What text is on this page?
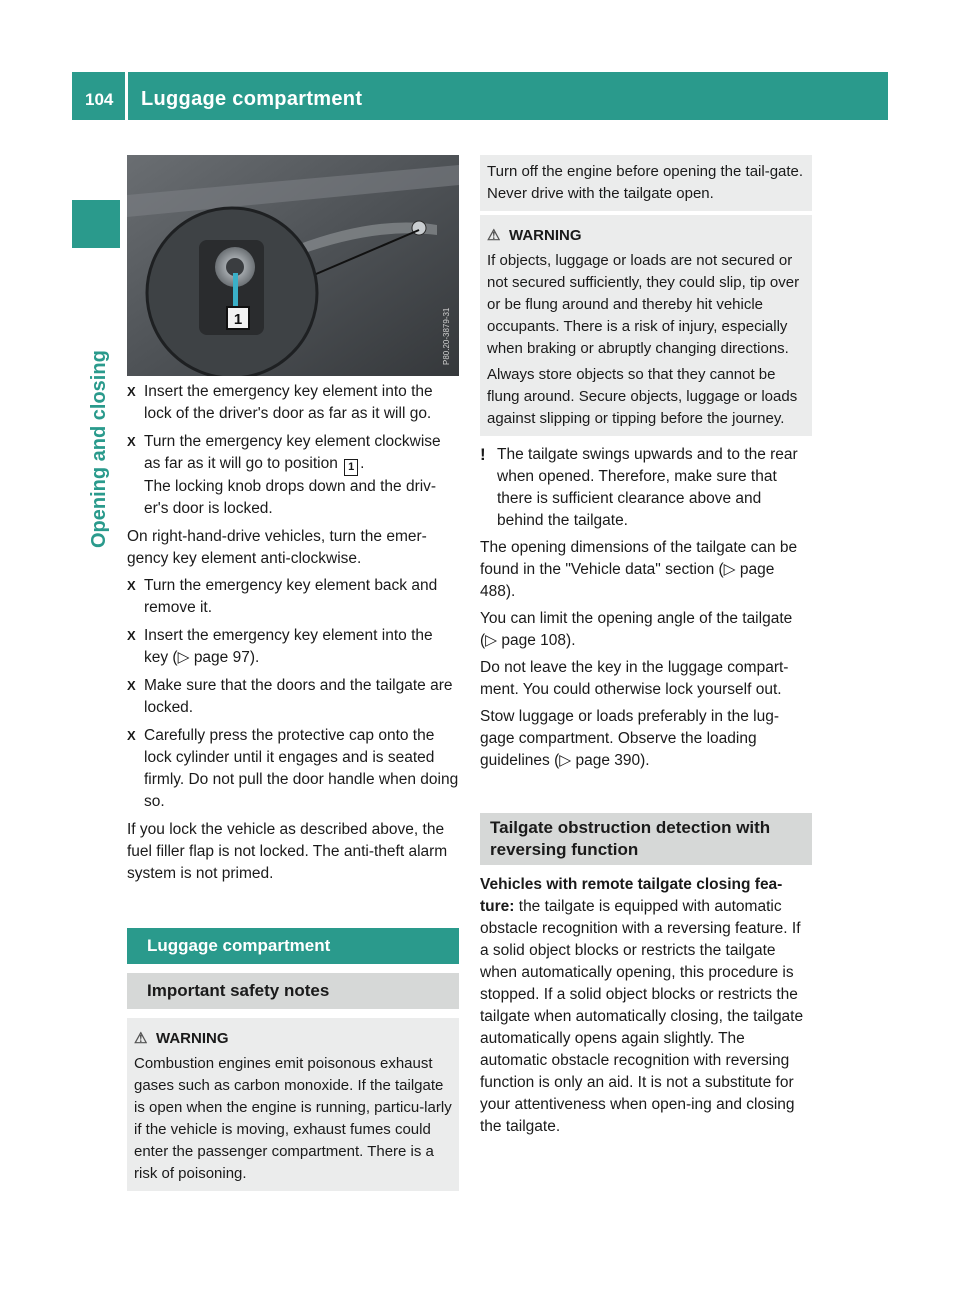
104 Luggage compartment
Opening and closing
1	P80.20-3879-31
X Insert the emergency key element into the lock of the driver's door as far as it will go.
X Turn the emergency key element clockwise as far as it will go to position 1 .
The locking knob drops down and the driv-er's door is locked.

On right-hand-drive vehicles, turn the emer-gency key element anti-clockwise.

X Turn the emergency key element back and remove it.
X Insert the emergency key element into the key (▷ page 97).
X Make sure that the doors and the tailgate are locked.
X Carefully press the protective cap onto the lock cylinder until it engages and is seated firmly. Do not pull the door handle when doing so.

If you lock the vehicle as described above, the fuel filler flap is not locked. The anti-theft alarm system is not primed.

Luggage compartment
Important safety notes
⚠ WARNING
Combustion engines emit poisonous exhaust gases such as carbon monoxide. If the tailgate is open when the engine is running, particu-larly if the vehicle is moving, exhaust fumes could enter the passenger compartment. There is a risk of poisoning.
Turn off the engine before opening the tail-gate. Never drive with the tailgate open.
⚠ WARNING
If objects, luggage or loads are not secured or not secured sufficiently, they could slip, tip over or be flung around and thereby hit vehicle occupants. There is a risk of injury, especially when braking or abruptly changing directions.
Always store objects so that they cannot be flung around. Secure objects, luggage or loads against slipping or tipping before the journey.
! The tailgate swings upwards and to the rear when opened. Therefore, make sure that there is sufficient clearance above and behind the tailgate.

The opening dimensions of the tailgate can be found in the "Vehicle data" section (▷ page 488).

You can limit the opening angle of the tailgate (▷ page 108).

Do not leave the key in the luggage compart-ment. You could otherwise lock yourself out.

Stow luggage or loads preferably in the lug-gage compartment. Observe the loading guidelines (▷ page 390).

Tailgate obstruction detection with reversing function

Vehicles with remote tailgate closing fea-ture: the tailgate is equipped with automatic obstacle recognition with a reversing feature. If a solid object blocks or restricts the tailgate when automatically opening, this procedure is stopped. If a solid object blocks or restricts the tailgate when automatically closing, the tailgate automatically opens again slightly. The automatic obstacle recognition with reversing function is only an aid. It is not a substitute for your attentiveness when open-ing and closing the tailgate.
